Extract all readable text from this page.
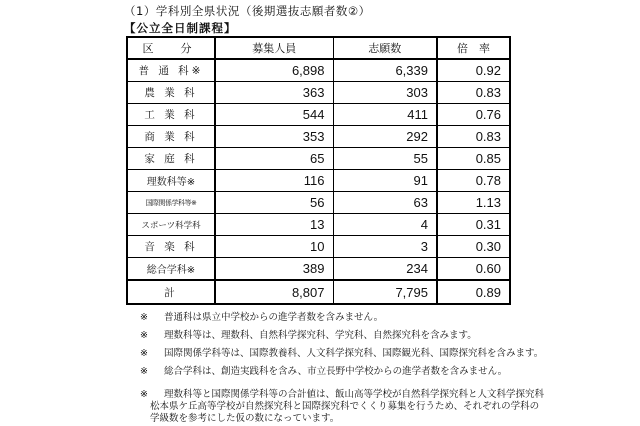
（1）学科別全県状況（後期選抜志願者数②）
【公立全日制課程】
区　分	募集人員	志願数	倍　率
普 通 科※	6,898	6,339	0.92
農 業 科	363	303	0.83
工 業 科	544	411	0.76
商 業 科	353	292	0.83
家 庭 科	65	55	0.85
理数科等※	116	91	0.78
国際関係学科等※	56	63	1.13
スポーツ科学科	13	4	0.31
音 楽 科	10	3	0.30
総合学科※	389	234	0.60
計	8,807	7,795	0.89
※	普通科は県立中学校からの進学者数を含みません。
※	理数科等は、理数科、自然科学探究科、学究科、自然探究科を含みます。
※	国際関係学科等は、国際教養科、人文科学探究科、国際観光科、国際探究科を含みます。
※	総合学科は、創造実践科を含み、市立長野中学校からの進学者数を含みません。
※	理数科等と国際関係学科等の合計値は、飯山高等学校が自然科学探究科と人文科学探究科
松本県ケ丘高等学校が自然探究科と国際探究科でくくり募集を行うため、それぞれの学科の
学級数を参考にした仮の数になっています。
